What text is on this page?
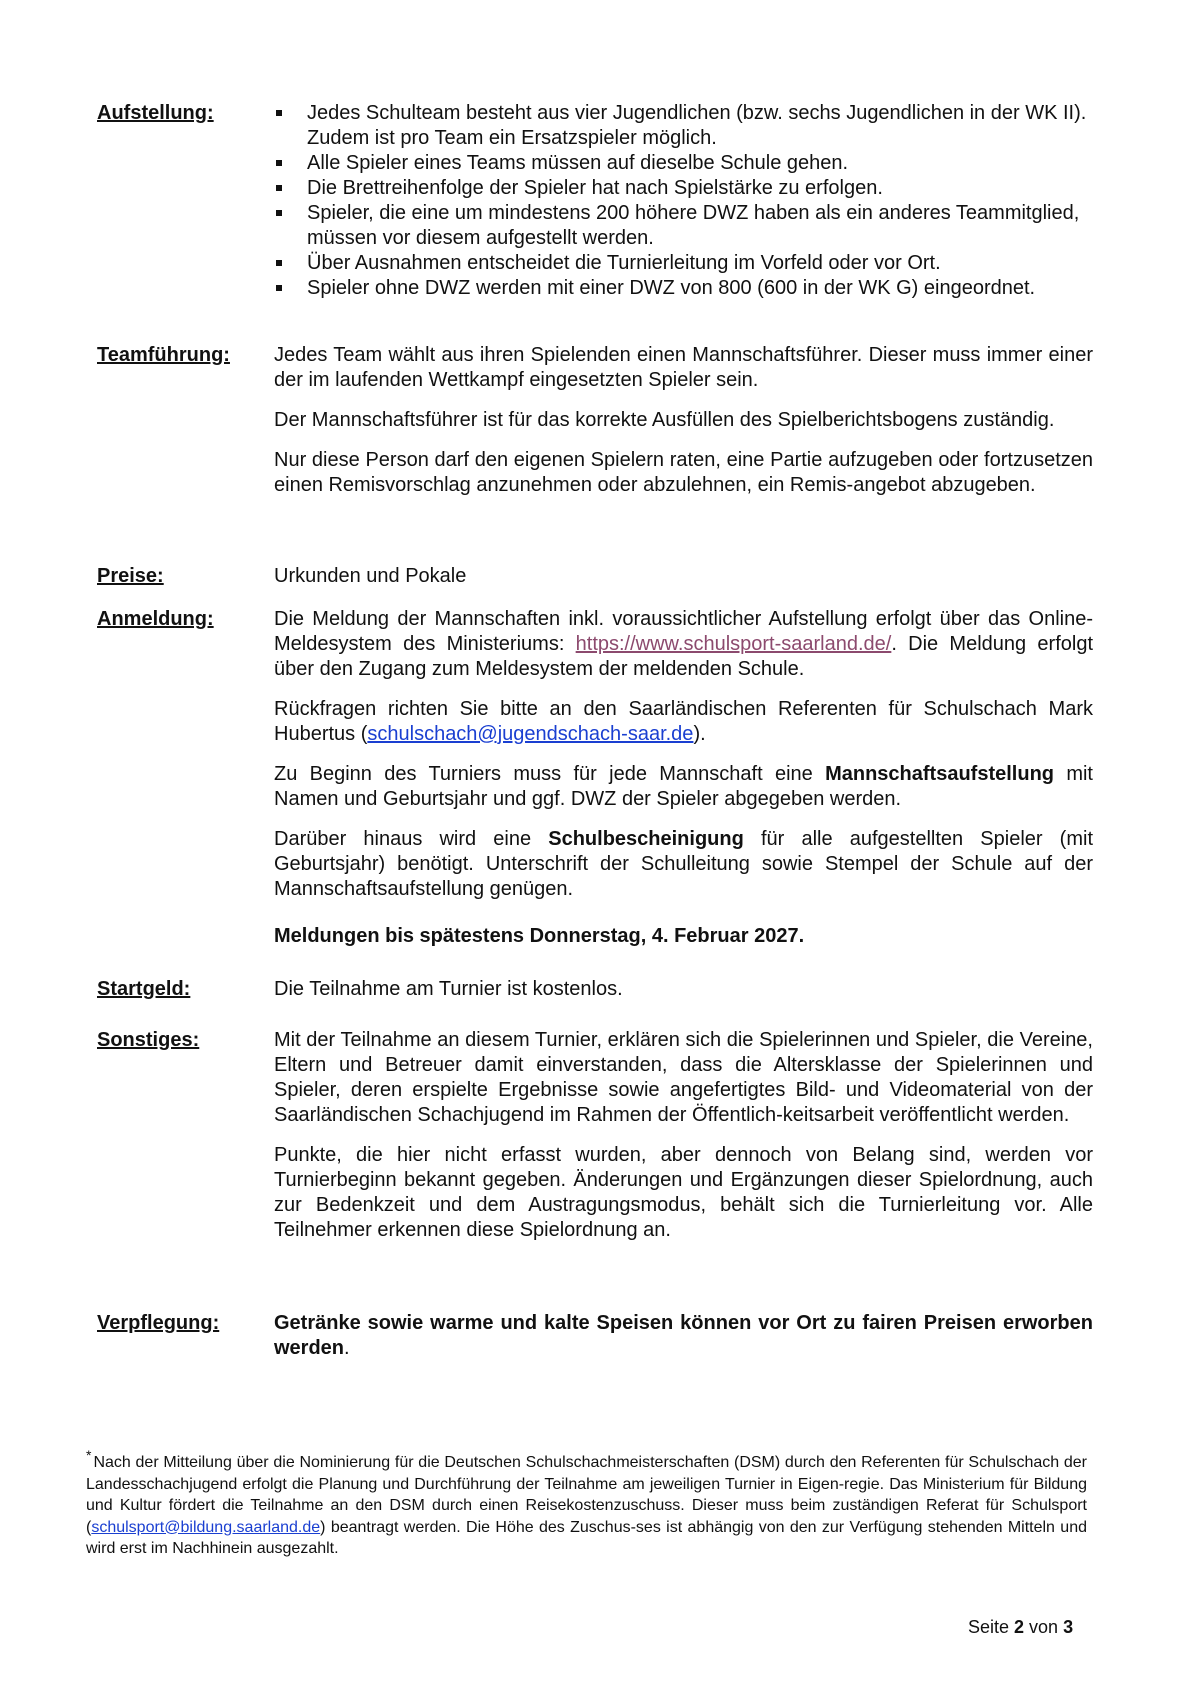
Aufstellung:	Jedes Schulteam besteht aus vier Jugendlichen (bzw. sechs Jugendlichen in der WK II). Zudem ist pro Team ein Ersatzspieler möglich.
Alle Spieler eines Teams müssen auf dieselbe Schule gehen.
Die Brettreihenfolge der Spieler hat nach Spielstärke zu erfolgen.
Spieler, die eine um mindestens 200 höhere DWZ haben als ein anderes Teammitglied, müssen vor diesem aufgestellt werden.
Über Ausnahmen entscheidet die Turnierleitung im Vorfeld oder vor Ort.
Spieler ohne DWZ werden mit einer DWZ von 800 (600 in der WK G) eingeordnet.
Teamführung:	Jedes Team wählt aus ihren Spielenden einen Mannschaftsführer. Dieser muss immer einer der im laufenden Wettkampf eingesetzten Spieler sein.

Der Mannschaftsführer ist für das korrekte Ausfüllen des Spielberichtsbogens zuständig.

Nur diese Person darf den eigenen Spielern raten, eine Partie aufzugeben oder fortzusetzen einen Remisvorschlag anzunehmen oder abzulehnen, ein Remis-angebot abzugeben.

Preise:	Urkunden und Pokale

Anmeldung:	Die Meldung der Mannschaften inkl. voraussichtlicher Aufstellung erfolgt über das Online-Meldesystem des Ministeriums: https://www.schulsport-saarland.de/. Die Meldung erfolgt über den Zugang zum Meldesystem der meldenden Schule.

Rückfragen richten Sie bitte an den Saarländischen Referenten für Schulschach Mark Hubertus (schulschach@jugendschach-saar.de).

Zu Beginn des Turniers muss für jede Mannschaft eine Mannschaftsaufstellung mit Namen und Geburtsjahr und ggf. DWZ der Spieler abgegeben werden.

Darüber hinaus wird eine Schulbescheinigung für alle aufgestellten Spieler (mit Geburtsjahr) benötigt. Unterschrift der Schulleitung sowie Stempel der Schule auf der Mannschaftsaufstellung genügen.

Meldungen bis spätestens Donnerstag, 4. Februar 2027.

Startgeld:	Die Teilnahme am Turnier ist kostenlos.

Sonstiges:	Mit der Teilnahme an diesem Turnier, erklären sich die Spielerinnen und Spieler, die Vereine, Eltern und Betreuer damit einverstanden, dass die Altersklasse der Spielerinnen und Spieler, deren erspielte Ergebnisse sowie angefertigtes Bild- und Videomaterial von der Saarländischen Schachjugend im Rahmen der Öffentlich-keitsarbeit veröffentlicht werden.

Punkte, die hier nicht erfasst wurden, aber dennoch von Belang sind, werden vor Turnierbeginn bekannt gegeben. Änderungen und Ergänzungen dieser Spielordnung, auch zur Bedenkzeit und dem Austragungsmodus, behält sich die Turnierleitung vor. Alle Teilnehmer erkennen diese Spielordnung an.

Verpflegung:	Getränke sowie warme und kalte Speisen können vor Ort zu fairen Preisen erworben werden.

* Nach der Mitteilung über die Nominierung für die Deutschen Schulschachmeisterschaften (DSM) durch den Referenten für Schulschach der Landesschachjugend erfolgt die Planung und Durchführung der Teilnahme am jeweiligen Turnier in Eigen-regie. Das Ministerium für Bildung und Kultur fördert die Teilnahme an den DSM durch einen Reisekostenzuschuss. Dieser muss beim zuständigen Referat für Schulsport (schulsport@bildung.saarland.de) beantragt werden. Die Höhe des Zuschus-ses ist abhängig von den zur Verfügung stehenden Mitteln und wird erst im Nachhinein ausgezahlt.
Seite 2 von 3
